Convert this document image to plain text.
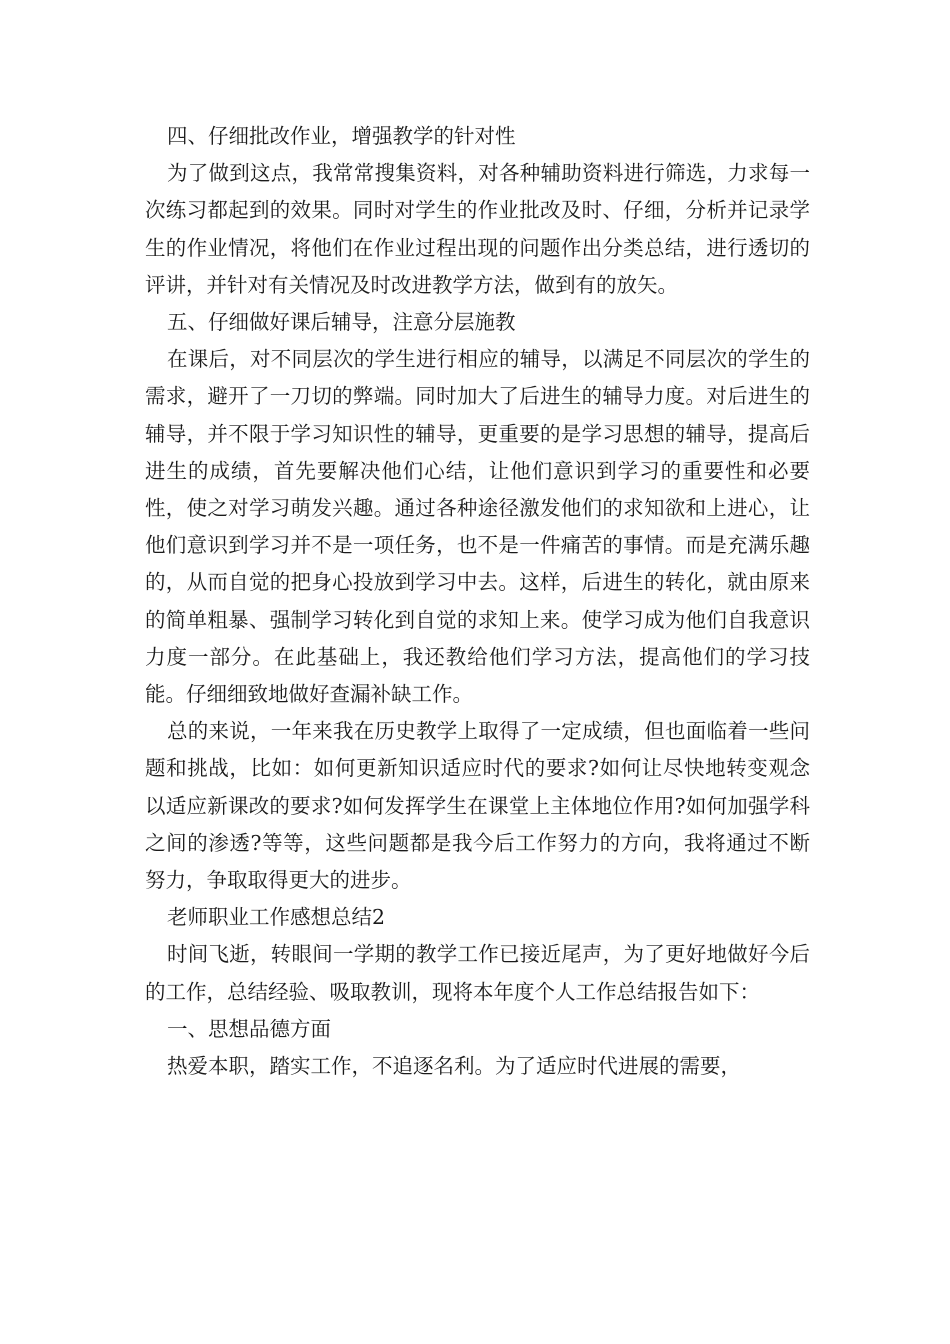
四、仔细批改作业，增强教学的针对性

为了做到这点，我常常搜集资料，对各种辅助资料进行筛选，力求每一次练习都起到的效果。同时对学生的作业批改及时、仔细，分析并记录学生的作业情况，将他们在作业过程出现的问题作出分类总结，进行透切的评讲，并针对有关情况及时改进教学方法，做到有的放矢。

五、仔细做好课后辅导，注意分层施教

在课后，对不同层次的学生进行相应的辅导，以满足不同层次的学生的需求，避开了一刀切的弊端。同时加大了后进生的辅导力度。对后进生的辅导，并不限于学习知识性的辅导，更重要的是学习思想的辅导，提高后进生的成绩，首先要解决他们心结，让他们意识到学习的重要性和必要性，使之对学习萌发兴趣。通过各种途径激发他们的求知欲和上进心，让他们意识到学习并不是一项任务，也不是一件痛苦的事情。而是充满乐趣的，从而自觉的把身心投放到学习中去。这样，后进生的转化，就由原来的简单粗暴、强制学习转化到自觉的求知上来。使学习成为他们自我意识力度一部分。在此基础上，我还教给他们学习方法，提高他们的学习技能。仔细细致地做好查漏补缺工作。

总的来说，一年来我在历史教学上取得了一定成绩，但也面临着一些问题和挑战，比如：如何更新知识适应时代的要求?如何让尽快地转变观念以适应新课改的要求?如何发挥学生在课堂上主体地位作用?如何加强学科之间的渗透?等等，这些问题都是我今后工作努力的方向，我将通过不断努力，争取取得更大的进步。

老师职业工作感想总结2

时间飞逝，转眼间一学期的教学工作已接近尾声，为了更好地做好今后的工作，总结经验、吸取教训，现将本年度个人工作总结报告如下：

一、思想品德方面

热爱本职，踏实工作，不追逐名利。为了适应时代进展的需要，
